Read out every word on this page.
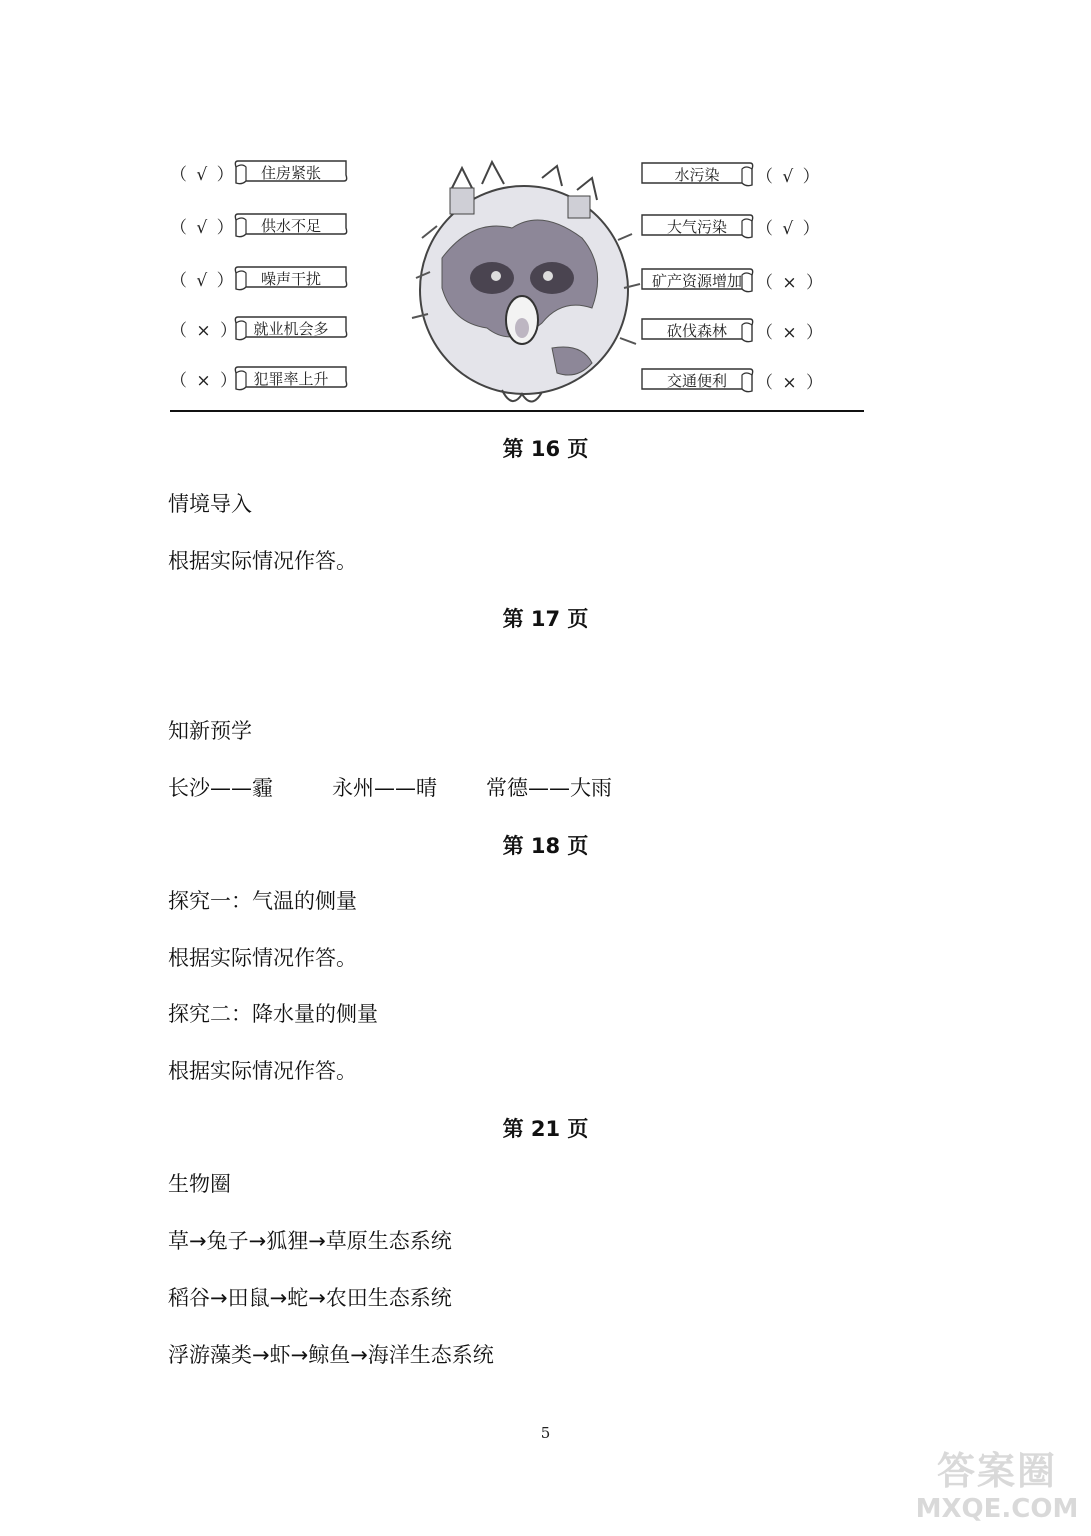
（ √ ） 住房紧张
（ √ ） 供水不足
（ √ ） 噪声干扰
（ × ） 就业机会多
（ × ） 犯罪率上升
水污染 （ √ ）
大气污染 （ √ ）
矿产资源增加 （ × ）
砍伐森林 （ × ）
交通便利 （ × ）
第 16 页
情境导入
根据实际情况作答。
第 17 页
知新预学
长沙——霾	永州——晴 常德——大雨
第 18 页
探究一：气温的侧量
根据实际情况作答。
探究二：降水量的侧量
根据实际情况作答。
第 21 页
生物圈
草→兔子→狐狸→草原生态系统
稻谷→田鼠→蛇→农田生态系统
浮游藻类→虾→鲸鱼→海洋生态系统
5
答案圈
MXQE.COM
